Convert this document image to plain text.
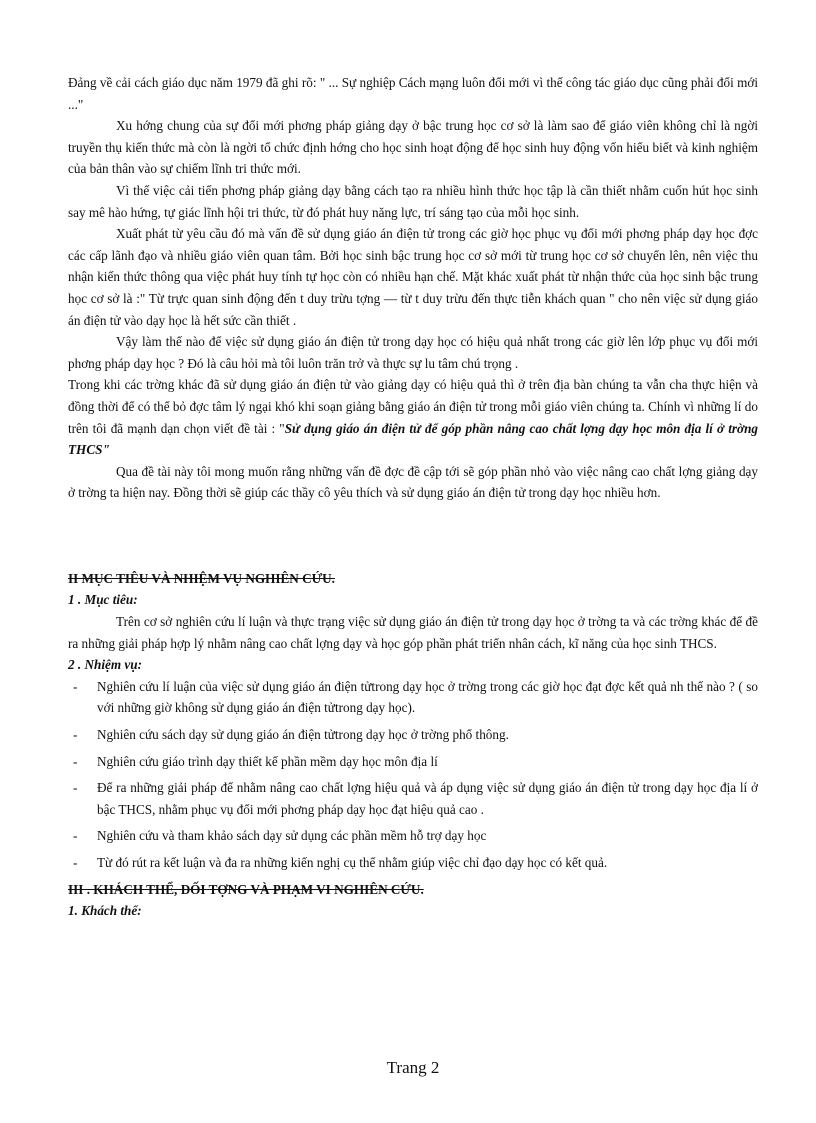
Đảng về cải cách giáo dục năm 1979 đã ghi rõ: " ... Sự nghiệp Cách mạng luôn đổi mới vì thế công tác giáo dục cũng phải đổi mới ..."

Xu hớng chung của sự đổi mới phơng pháp giảng dạy ở bậc trung học cơ sở là làm sao để giáo viên không chỉ là ngời truyền thụ kiến thức mà còn là ngời tổ chức định hớng cho học sinh hoạt động để học sinh huy động vốn hiểu biết và kinh nghiệm của bản thân vào sự chiếm lĩnh tri thức mới.

Vì thế việc cải tiến phơng pháp giảng dạy bằng cách tạo ra nhiều hình thức học tập là cần thiết nhằm cuốn hút học sinh say mê hào hứng, tự giác lĩnh hội tri thức, từ đó phát huy năng lực, trí sáng tạo của mỗi học sinh.

Xuất phát từ yêu cầu đó mà vấn đề sử dụng giáo án điện tử trong các giờ học phục vụ đổi mới phơng pháp dạy học đợc các cấp lãnh đạo và nhiều giáo viên quan tâm. Bởi học sinh bậc trung học cơ sở mới từ trung học cơ sở chuyển lên, nên việc thu nhận kiến thức thông qua việc phát huy tính tự học còn có nhiều hạn chế. Mặt khác xuất phát từ nhận thức của học sinh bậc trung học cơ sở là :" Từ trực quan sinh động đến t duy trừu tợng — từ t duy trừu đến thực tiễn khách quan " cho nên việc sử dụng giáo án điện tử vào dạy học là hết sức cần thiết .

Vậy làm thế nào để việc sử dụng giáo án điện tử trong dạy học có hiệu quả nhất trong các giờ lên lớp phục vụ đổi mới phơng pháp dạy học ? Đó là câu hỏi mà tôi luôn trăn trở và thực sự lu tâm chú trọng .

Trong khi các trờng khác đã sử dụng giáo án điện tử vào giảng dạy có hiệu quả thì ở trên địa bàn chúng ta vẫn cha thực hiện và đồng thời để có thể bỏ đợc tâm lý ngại khó khi soạn giảng bằng giáo án điện tử trong mỗi giáo viên chúng ta. Chính vì những lí do trên tôi đã mạnh dạn chọn viết đề tài : "Sử dụng giáo án điện tử để góp phần nâng cao chất lợng dạy học môn địa lí ở trờng THCS"

Qua đề tài này tôi mong muốn rằng những vấn đề đợc đề cập tới sẽ góp phần nhỏ vào việc nâng cao chất lợng giảng dạy ở trờng ta hiện nay. Đồng thời sẽ giúp các thầy cô yêu thích và sử dụng giáo án điện tử trong dạy học nhiều hơn.

II MỤC TIÊU VÀ NHIỆM VỤ NGHIÊN CỨU.

1 . Mục tiêu:

Trên cơ sở nghiên cứu lí luận và thực trạng việc sử dụng giáo án điện tử trong dạy học ở trờng ta và các trờng khác để đề ra những giải pháp hợp lý nhằm nâng cao chất lợng dạy và học góp phần phát triển nhân cách, kĩ năng của học sinh THCS.

2 . Nhiệm vụ:

- Nghiên cứu lí luận của việc sử dụng giáo án điện tửtrong dạy học ở trờng trong các giờ học đạt đợc kết quả nh thế nào ? ( so với những giờ không sử dụng giáo án điện tửtrong dạy học).
- Nghiên cứu sách dạy sử dụng giáo án điện tửtrong dạy học ở trờng phổ thông.
- Nghiên cứu giáo trình dạy thiết kế phần mềm dạy học môn địa lí
- Để ra những giải pháp để nhằm nâng cao chất lợng hiệu quả và áp dụng việc sử dụng giáo án điện tử trong dạy học địa lí ở bậc THCS, nhằm phục vụ đổi mới phơng pháp dạy học đạt hiệu quả cao .
- Nghiên cứu và tham khảo sách dạy sử dụng các phần mềm hỗ trợ dạy học
- Từ đó rút ra kết luận và đa ra những kiến nghị cụ thể nhằm giúp việc chỉ đạo dạy học có kết quả.

III . KHÁCH THỂ, ĐỐI TỢNG VÀ PHẠM VI NGHIÊN CỨU.

1. Khách thể:

Trang 2
